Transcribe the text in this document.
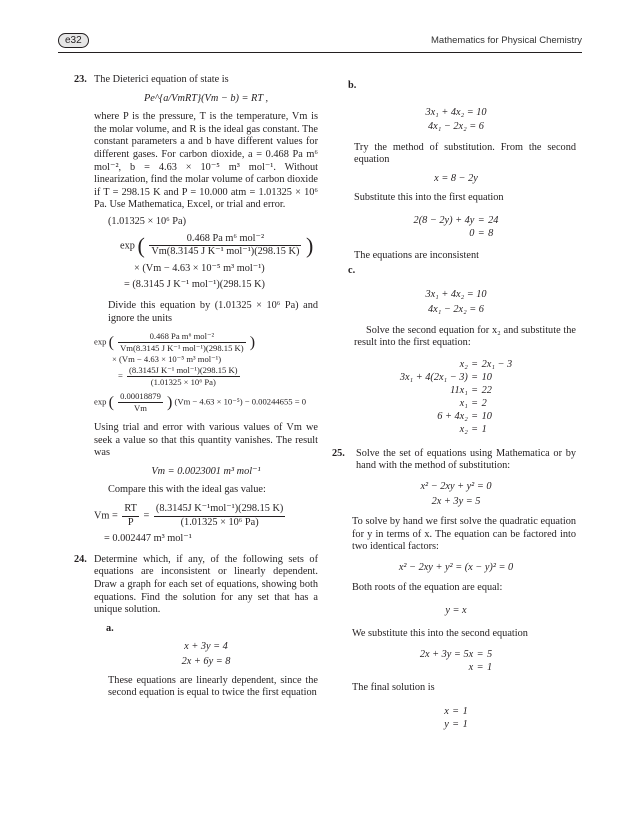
e32	Mathematics for Physical Chemistry
23. The Dieterici equation of state is
Pe^{a/VmRT}(Vm − b) = RT ,
where P is the pressure, T is the temperature, Vm is the molar volume, and R is the ideal gas constant. The constant parameters a and b have different values for different gases. For carbon dioxide, a = 0.468 Pa m⁶ mol⁻², b = 4.63 × 10⁻⁵ m³ mol⁻¹. Without linearization, find the molar volume of carbon dioxide if T = 298.15 K and P = 10.000 atm = 1.01325 × 10⁶ Pa. Use Mathematica, Excel, or trial and error.
(1.01325 × 10⁶ Pa)
exp ( $\frac{\text{0.468 Pa m⁶ mol⁻²}}{\text{Vm(8.3145 J K⁻¹ mol⁻¹)(298.15 K)}}$ )
× (Vm − 4.63 × 10⁻⁵ m³ mol⁻¹)
= (8.3145 J K⁻¹ mol⁻¹)(298.15 K)
Divide this equation by (1.01325 × 10⁶ Pa) and ignore the units
exp ( $\frac{\text{0.468 Pa m⁶ mol⁻²}}{\text{Vm(8.3145 J K⁻¹ mol⁻¹)(298.15 K)}}$ )
× (Vm − 4.63 × 10⁻⁵ m³ mol⁻¹)
= $\frac{\text{(8.3145J K⁻¹ mol⁻¹)(298.15 K)}}{\text{(1.01325 × 10⁶ Pa)}}$
exp ( $\frac{0.00018879}{Vm}$ ) (Vm − 4.63 × 10⁻⁵) − 0.00244655 = 0
Using trial and error with various values of Vm we seek a value so that this quantity vanishes. The result was
Vm = 0.0023001 m³ mol⁻¹
Compare this with the ideal gas value:
$Vm = \frac{RT}{P} = \frac{\text{(8.3145J K⁻¹mol⁻¹)(298.15 K)}}{\text{(1.01325 × 10⁶ Pa)}}$
= 0.002447 m³ mol⁻¹
24. Determine which, if any, of the following sets of equations are inconsistent or linearly dependent. Draw a graph for each set of equations, showing both equations. Find the solution for any set that has a unique solution.
a.
x + 3y = 4
2x + 6y = 8
These equations are linearly dependent, since the second equation is equal to twice the first equation
b.
3x₁ + 4x₂ = 10
4x₁ − 2x₂ = 6
Try the method of substitution. From the second equation
x = 8 − 2y
Substitute this into the first equation
2(8 − 2y) + 4y	=	24
0	=	8
The equations are inconsistent
c.
3x₁ + 4x₂ = 10
4x₁ − 2x₂ = 6
Solve the second equation for x₂ and substitute the result into the first equation:
x₂	=	2x₁ − 3
3x₁ + 4(2x₁ − 3)	=	10
11x₁	=	22
x₁	=	2
6 + 4x₂	=	10
x₂	=	1
25. Solve the set of equations using Mathematica or by hand with the method of substitution:
x² − 2xy + y² = 0
2x + 3y = 5
To solve by hand we first solve the quadratic equation for y in terms of x. The equation can be factored into two identical factors:
x² − 2xy + y² = (x − y)² = 0
Both roots of the equation are equal:
y = x
We substitute this into the second equation
2x + 3y = 5x	=	5
x	=	1
The final solution is
x	=	1
y	=	1
